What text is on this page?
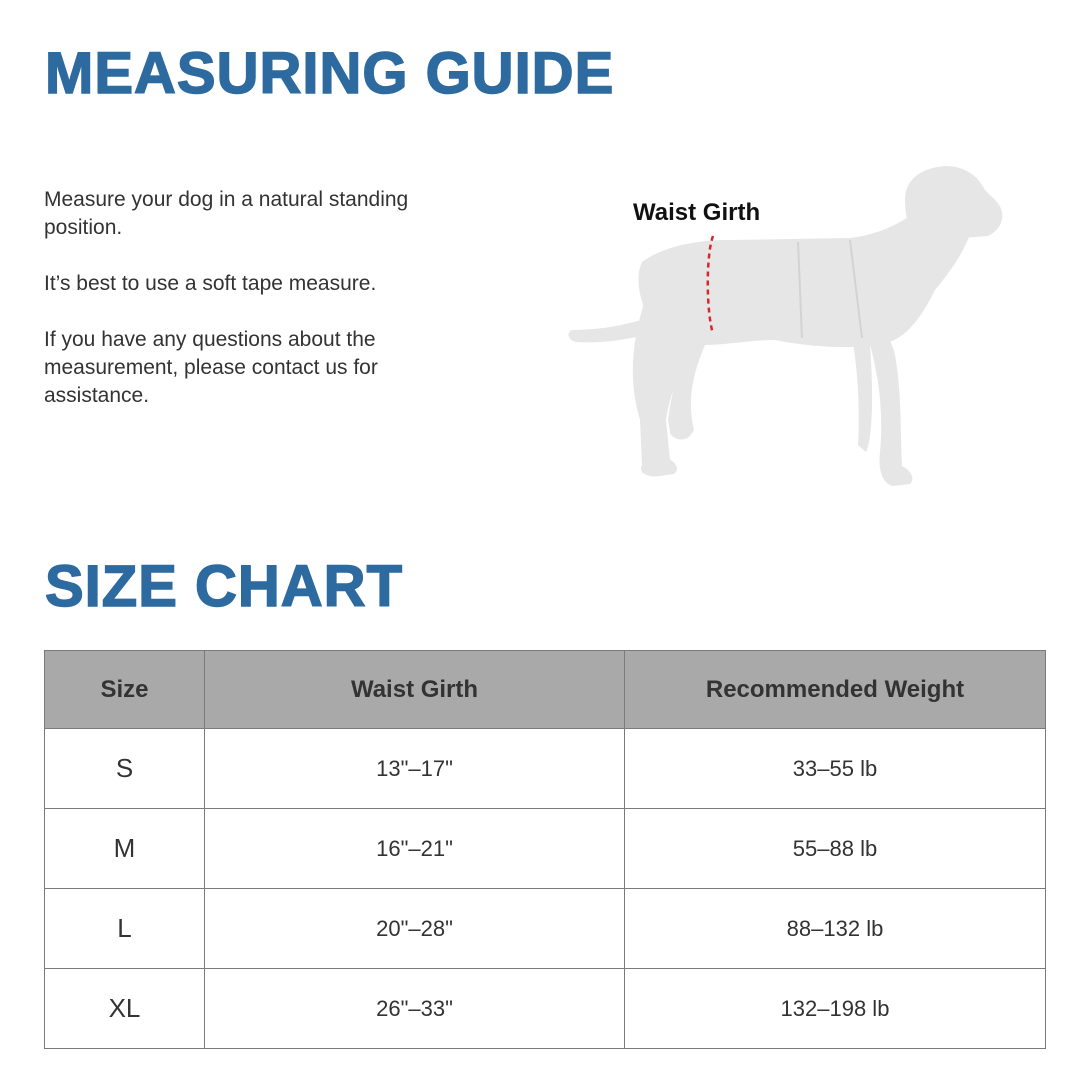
MEASURING GUIDE

Measure your dog in a natural standing position.

It’s best to use a soft tape measure.

If you have any questions about the measurement, please contact us for assistance.

Waist Girth
SIZE CHART
Size	Waist Girth	Recommended Weight
S	13"–17"	33–55 lb
M	16"–21"	55–88 lb
L	20"–28"	88–132 lb
XL	26"–33"	132–198 lb
